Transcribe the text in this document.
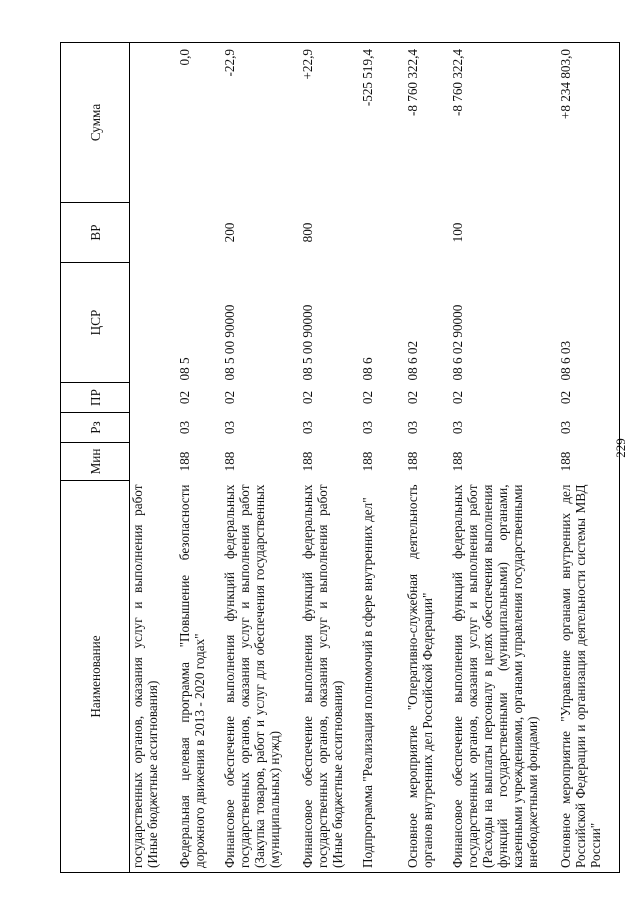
229
Наименование	Мин	Рз	ПР	ЦСР	ВР	Сумма
государственных органов, оказания услуг и выполнения работ (Иные бюджетные ассигнования)						
Федеральная целевая программа "Повышение безопасности дорожного движения в 2013 - 2020 годах"	188	03	02	08 5		0,0
Финансовое обеспечение выполнения функций федеральных государственных органов, оказания услуг и выполнения работ (Закупка товаров, работ и услуг для обеспечения государственных (муниципальных) нужд)	188	03	02	08 5 00 90000	200	-22,9
Финансовое обеспечение выполнения функций федеральных государственных органов, оказания услуг и выполнения работ (Иные бюджетные ассигнования)	188	03	02	08 5 00 90000	800	+22,9
Подпрограмма "Реализация полномочий в сфере внутренних дел"	188	03	02	08 6		-525 519,4
Основное мероприятие "Оперативно-служебная деятельность органов внутренних дел Российской Федерации"	188	03	02	08 6 02		-8 760 322,4
Финансовое обеспечение выполнения функций федеральных государственных органов, оказания услуг и выполнения работ (Расходы на выплаты персоналу в целях обеспечения выполнения функций государственными (муниципальными) органами, казенными учреждениями, органами управления государственными внебюджетными фондами)	188	03	02	08 6 02 90000	100	-8 760 322,4
Основное мероприятие "Управление органами внутренних дел Российской Федерации и организация деятельности системы МВД России"	188	03	02	08 6 03		+8 234 803,0
